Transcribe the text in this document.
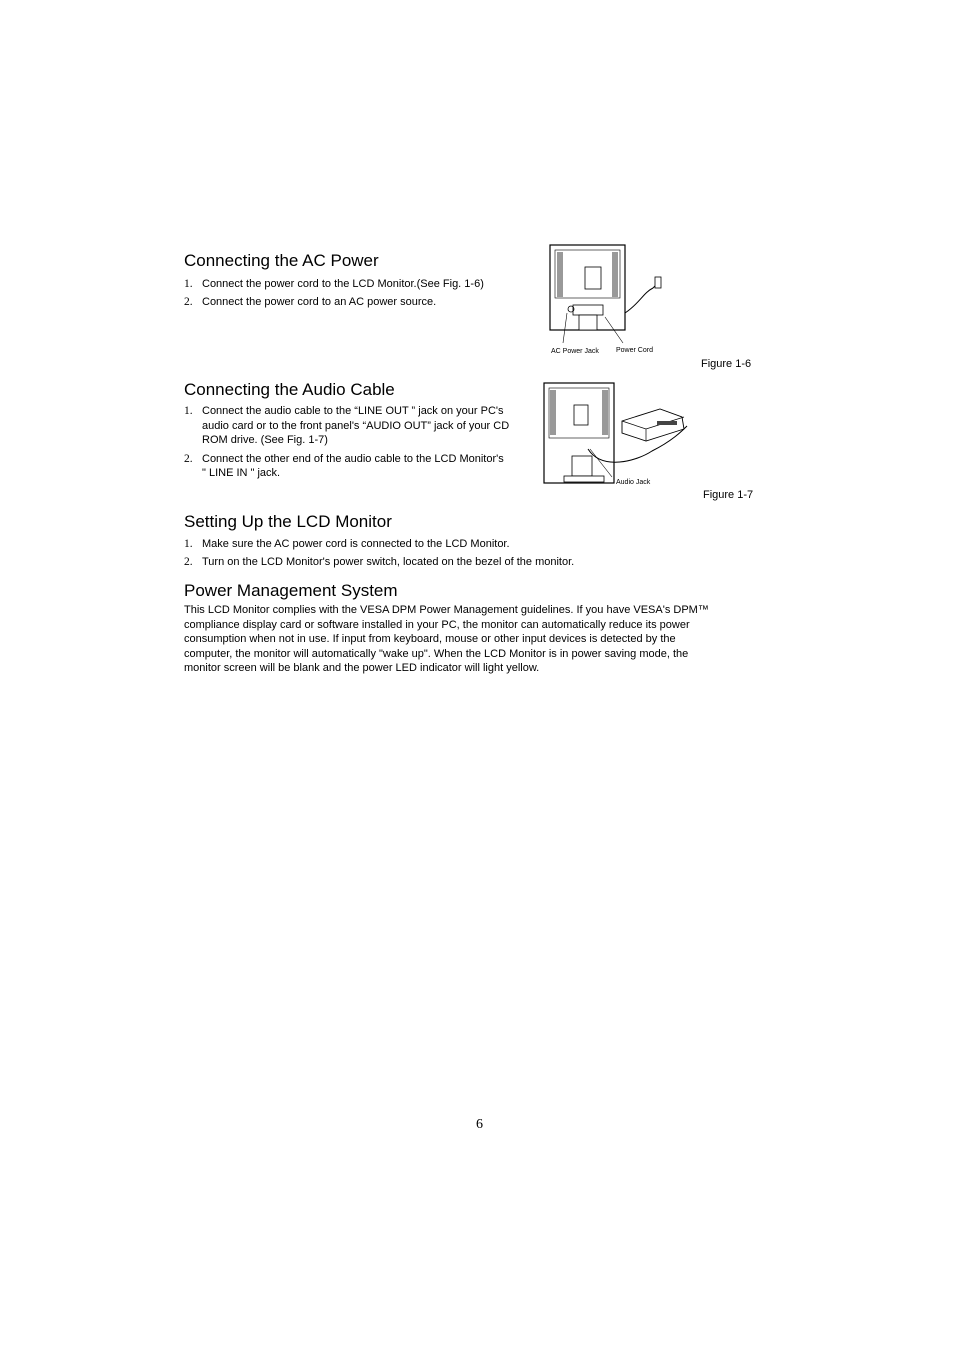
Connecting the AC Power
1. Connect the power cord to the LCD Monitor.(See Fig. 1-6)
2. Connect the power cord to an AC power source.
AC Power Jack Power Cord
Figure 1-6
Connecting the Audio Cable
1. Connect the audio cable to the “LINE OUT ” jack on your PC's
audio card or to the front panel's “AUDIO OUT” jack of your CD
ROM drive. (See Fig. 1-7)
2. Connect the other end of the audio cable to the LCD Monitor's
" LINE IN " jack.
Audio Jack
Figure 1-7
Setting Up the LCD Monitor
1. Make sure the AC power cord is connected to the LCD Monitor.
2. Turn on the LCD Monitor's power switch, located on the bezel of the monitor.
Power Management System
This LCD Monitor complies with the VESA DPM Power Management guidelines. If you have VESA's DPM™
compliance display card or software installed in your PC, the monitor can automatically reduce its power
consumption when not in use. If input from keyboard, mouse or other input devices is detected by the
computer, the monitor will automatically "wake up". When the LCD Monitor is in power saving mode, the
monitor screen will be blank and the power LED indicator will light yellow.
6
